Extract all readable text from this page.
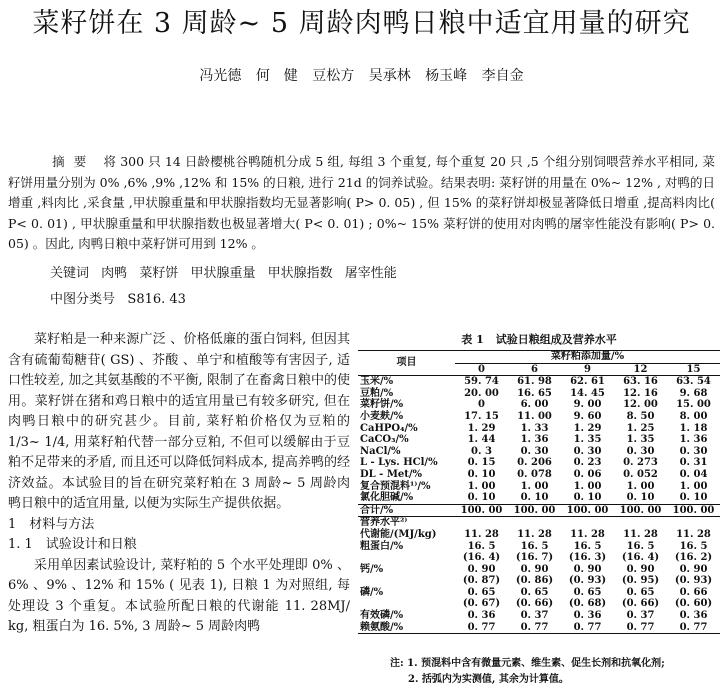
菜籽饼在 3 周龄~ 5 周龄肉鸭日粮中适宜用量的研究
冯光德 何　健 豆松方 吴承林 杨玉峰 李自金
摘要 将 300 只 14 日龄樱桃谷鸭随机分成 5 组, 每组 3 个重复, 每个重复 20 只 ,5 个组分别饲喂营养水平相同, 菜籽饼用量分别为 0% ,6% ,9% ,12% 和 15% 的日粮, 进行 21d 的饲养试验。结果表明: 菜籽饼的用量在 0%~ 12% , 对鸭的日增重 ,料肉比 ,采食量 ,甲状腺重量和甲状腺指数均无显著影响( P> 0. 05) , 但 15% 的菜籽饼却极显著降低日增重 ,提高料肉比( P< 0. 01) , 甲状腺重量和甲状腺指数也极显著增大( P< 0. 01) ; 0%~ 15% 菜籽饼的使用对肉鸭的屠宰性能没有影响( P> 0. 05) 。因此, 肉鸭日粮中菜籽饼可用到 12% 。
关键词 肉鸭 菜籽饼 甲状腺重量 甲状腺指数 屠宰性能
中图分类号 S816. 43

菜籽粕是一种来源广泛 、价格低廉的蛋白饲料, 但因其含有硫葡萄糖苷( GS) 、芥酸 、单宁和植酸等有害因子, 适口性较差, 加之其氨基酸的不平衡, 限制了在畜禽日粮中的使用。菜籽饼在猪和鸡日粮中的适宜用量已有较多研究, 但在肉鸭日粮中的研究甚少。目前, 菜籽粕价格仅为豆粕的 1/3~ 1/4, 用菜籽粕代替一部分豆粕, 不但可以缓解由于豆粕不足带来的矛盾, 而且还可以降低饲料成本, 提高养鸭的经济效益。本试验目的旨在研究菜籽粕在 3 周龄~ 5 周龄肉鸭日粮中的适宜用量, 以便为实际生产提供依据。

1　材料与方法

1. 1　试验设计和日粮

采用单因素试验设计, 菜籽粕的 5 个水平处理即 0% 、6% 、9% 、12% 和 15% ( 见表 1), 日粮 1 为对照组, 每处理设 3 个重复。本试验所配日粮的代谢能 11. 28MJ/ kg, 粗蛋白为 16. 5%, 3 周龄~ 5 周龄肉鸭

表 1 试验日粮组成及营养水平
项目	菜籽粕添加量/%				
	0	6	9	12	15
玉米/%	59. 74	61. 98	62. 61	63. 16	63. 54
豆粕/%	20. 00	16. 65	14. 45	12. 16	9. 68
菜籽饼/%	0	6. 00	9. 00	12. 00	15. 00
小麦麸/%	17. 15	11. 00	9. 60	8. 50	8. 00
CaHPO₄/%	1. 29	1. 33	1. 29	1. 25	1. 18
CaCO₃/%	1. 44	1. 36	1. 35	1. 35	1. 36
NaCl/%	0. 3	0. 30	0. 30	0. 30	0. 30
L - Lys. HCl/%	0. 15	0. 206	0. 23	0. 273	0. 31
DL - Met/%	0. 10	0. 078	0. 06	0. 052	0. 04
复合预混料¹⁾/%	1. 00	1. 00	1. 00	1. 00	1. 00
氯化胆碱/%	0. 10	0. 10	0. 10	0. 10	0. 10
合计/%	100. 00	100. 00	100. 00	100. 00	100. 00
营养水平²⁾					
代谢能/(MJ/kg)	11. 28	11. 28	11. 28	11. 28	11. 28
粗蛋白/%	16. 5	16. 5	16. 5	16. 5	16. 5
	(16. 4)	(16. 7)	(16. 3)	(16. 4)	(16. 2)
钙/%	0. 90	0. 90	0. 90	0. 90	0. 90
	(0. 87)	(0. 86)	(0. 93)	(0. 95)	(0. 93)
磷/%	0. 65	0. 65	0. 65	0. 65	0. 66
	(0. 67)	(0. 66)	(0. 68)	(0. 66)	(0. 60)
有效磷/%	0. 36	0. 37	0. 36	0. 37	0. 36
赖氨酸/%	0. 77	0. 77	0. 77	0. 77	0. 77
注: 1. 预混料中含有微量元素、维生素、促生长剂和抗氧化剂;
2. 括弧内为实测值, 其余为计算值。
